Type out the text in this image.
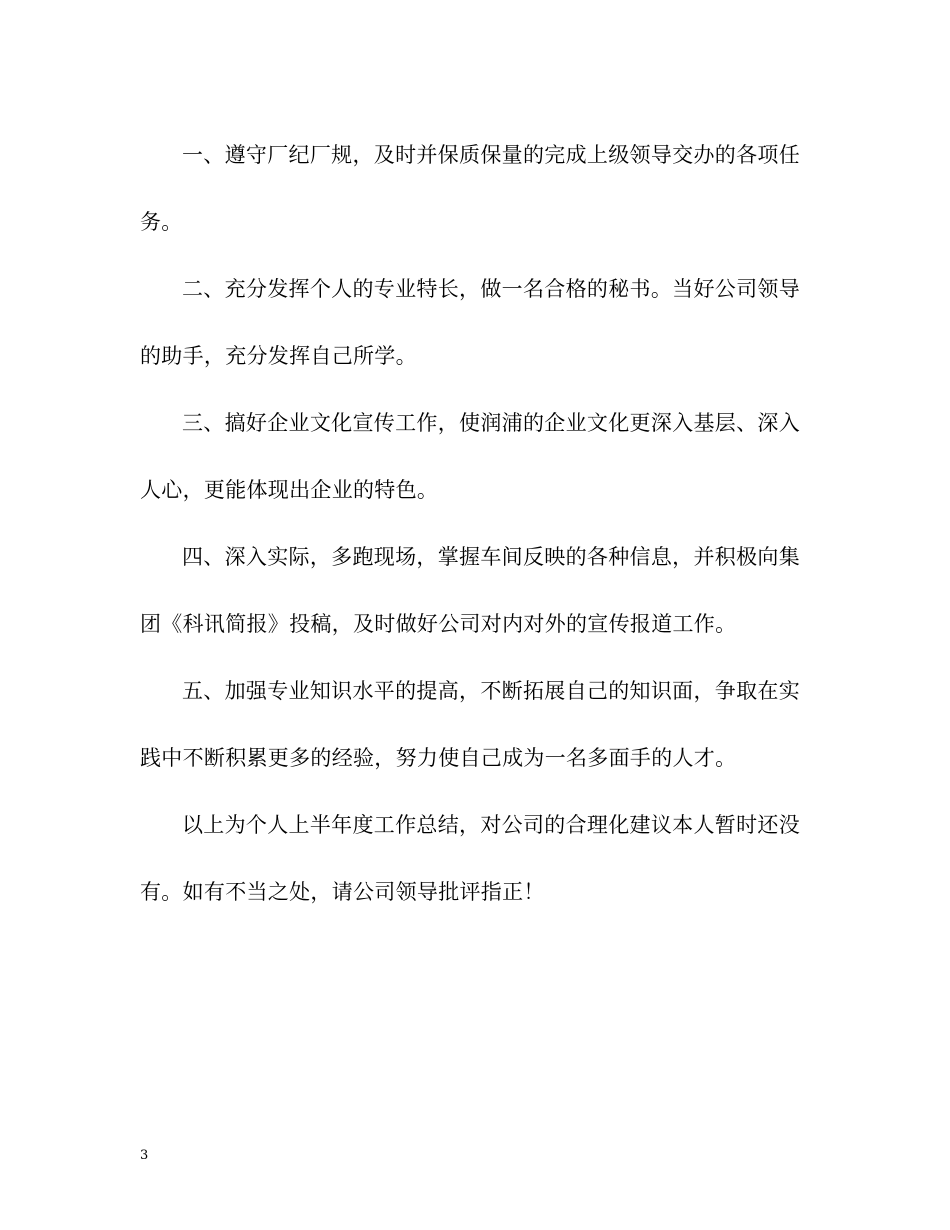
一、遵守厂纪厂规，及时并保质保量的完成上级领导交办的各项任务。

二、充分发挥个人的专业特长，做一名合格的秘书。当好公司领导的助手，充分发挥自己所学。

三、搞好企业文化宣传工作，使润浦的企业文化更深入基层、深入人心，更能体现出企业的特色。

四、深入实际，多跑现场，掌握车间反映的各种信息，并积极向集团《科讯简报》投稿，及时做好公司对内对外的宣传报道工作。

五、加强专业知识水平的提高，不断拓展自己的知识面，争取在实践中不断积累更多的经验，努力使自己成为一名多面手的人才。

以上为个人上半年度工作总结，对公司的合理化建议本人暂时还没有。如有不当之处，请公司领导批评指正！

3
